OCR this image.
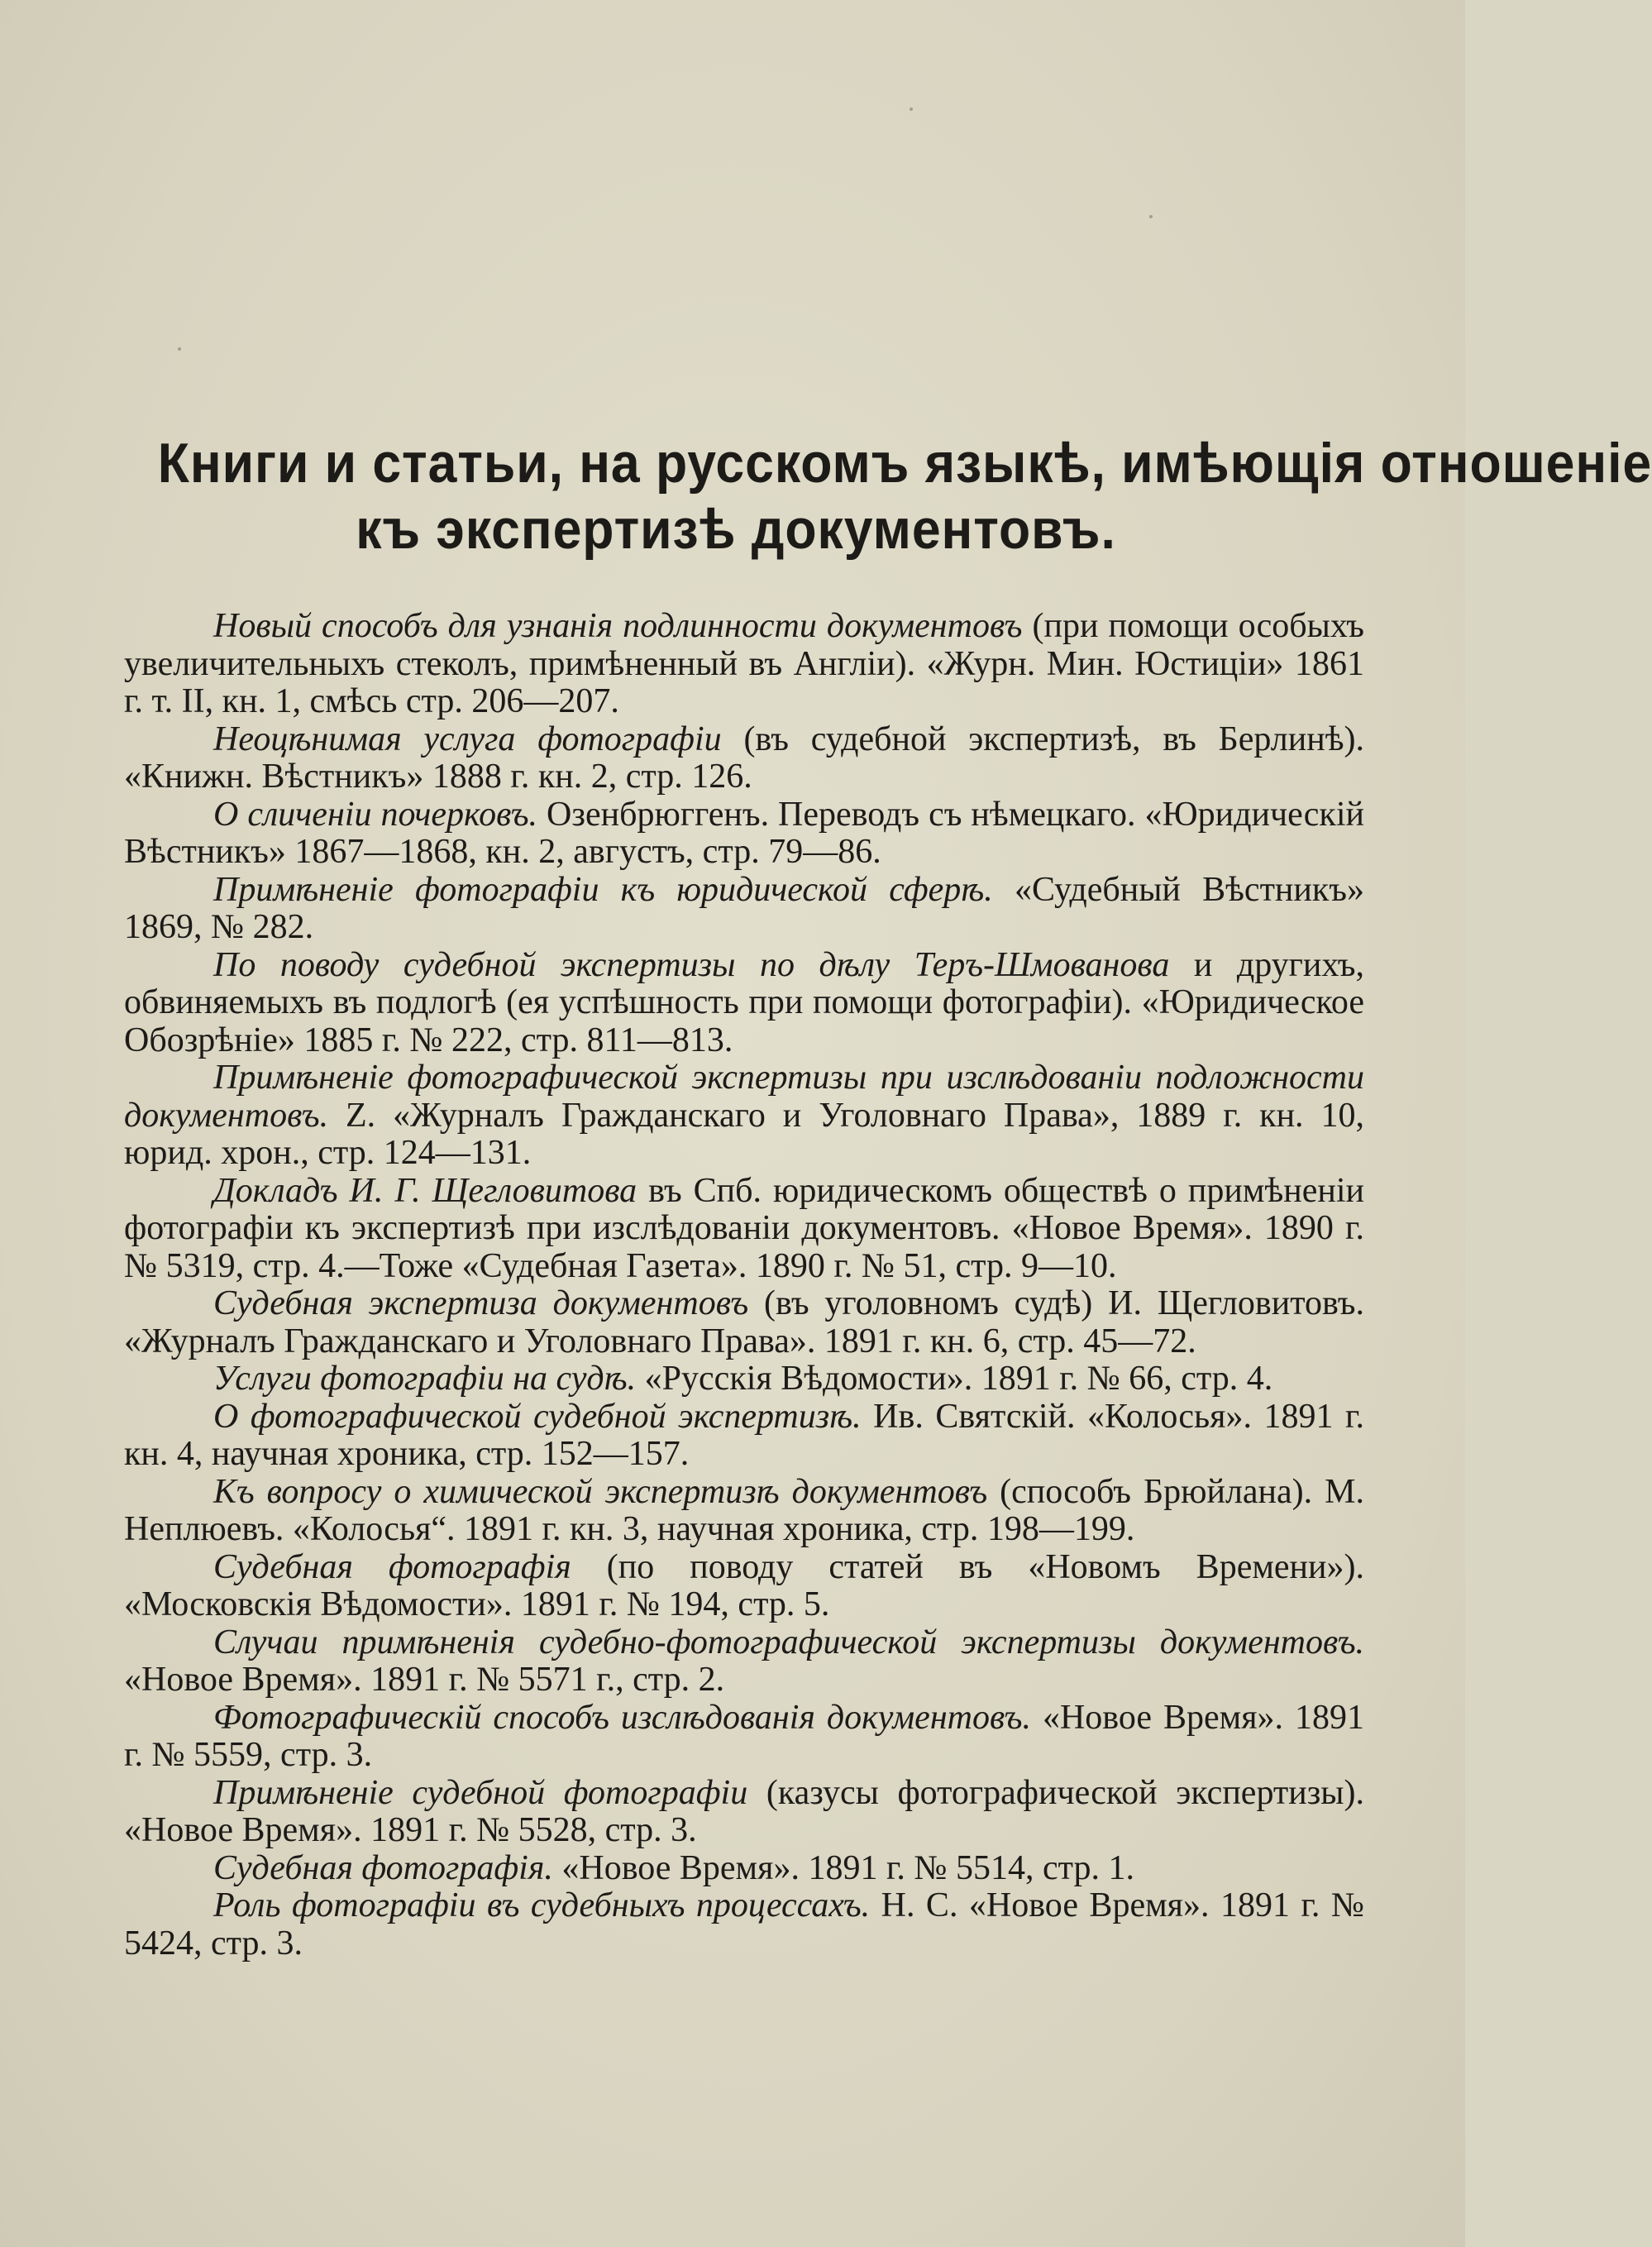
Книги и статьи, на русскомъ языкѣ, имѣющія отношеніе
къ экспертизѣ документовъ.

Новый способъ для узнанія подлинности документовъ (при помощи особыхъ увеличительныхъ стеколъ, примѣненный въ Англіи). «Журн. Мин. Юстиціи» 1861 г. т. II, кн. 1, смѣсь стр. 206—207.

Неоцѣнимая услуга фотографіи (въ судебной экспертизѣ, въ Берлинѣ). «Книжн. Вѣстникъ» 1888 г. кн. 2, стр. 126.

О сличеніи почерковъ. Озенбрюггенъ. Переводъ съ нѣмецкаго. «Юридическій Вѣстникъ» 1867—1868, кн. 2, августъ, стр. 79—86.

Примѣненіе фотографіи къ юридической сферѣ. «Судебный Вѣстникъ» 1869, № 282.

По поводу судебной экспертизы по дѣлу Теръ-Шмованова и другихъ, обвиняемыхъ въ подлогѣ (ея успѣшность при помощи фотографіи). «Юридическое Обозрѣніе» 1885 г. № 222, стр. 811—813.

Примѣненіе фотографической экспертизы при изслѣдованіи подложности документовъ. Z. «Журналъ Гражданскаго и Уголовнаго Права», 1889 г. кн. 10, юрид. хрон., стр. 124—131.

Докладъ И. Г. Щегловитова въ Спб. юридическомъ обществѣ о примѣненіи фотографіи къ экспертизѣ при изслѣдованіи документовъ. «Новое Время». 1890 г. № 5319, стр. 4.—Тоже «Судебная Газета». 1890 г. № 51, стр. 9—10.

Судебная экспертиза документовъ (въ уголовномъ судѣ) И. Щегловитовъ. «Журналъ Гражданскаго и Уголовнаго Права». 1891 г. кн. 6, стр. 45—72.

Услуги фотографіи на судѣ. «Русскія Вѣдомости». 1891 г. № 66, стр. 4.

О фотографической судебной экспертизѣ. Ив. Святскій. «Колосья». 1891 г. кн. 4, научная хроника, стр. 152—157.

Къ вопросу о химической экспертизѣ документовъ (способъ Брюйлана). М. Неплюевъ. «Колосья“. 1891 г. кн. 3, научная хроника, стр. 198—199.

Судебная фотографія (по поводу статей въ «Новомъ Времени»). «Московскія Вѣдомости». 1891 г. № 194, стр. 5.

Случаи примѣненія судебно-фотографической экспертизы документовъ. «Новое Время». 1891 г. № 5571 г., стр. 2.

Фотографическій способъ изслѣдованія документовъ. «Новое Время». 1891 г. № 5559, стр. 3.

Примѣненіе судебной фотографіи (казусы фотографической экспертизы). «Новое Время». 1891 г. № 5528, стр. 3.

Судебная фотографія. «Новое Время». 1891 г. № 5514, стр. 1.

Роль фотографіи въ судебныхъ процессахъ. Н. С. «Новое Время». 1891 г. № 5424, стр. 3.
